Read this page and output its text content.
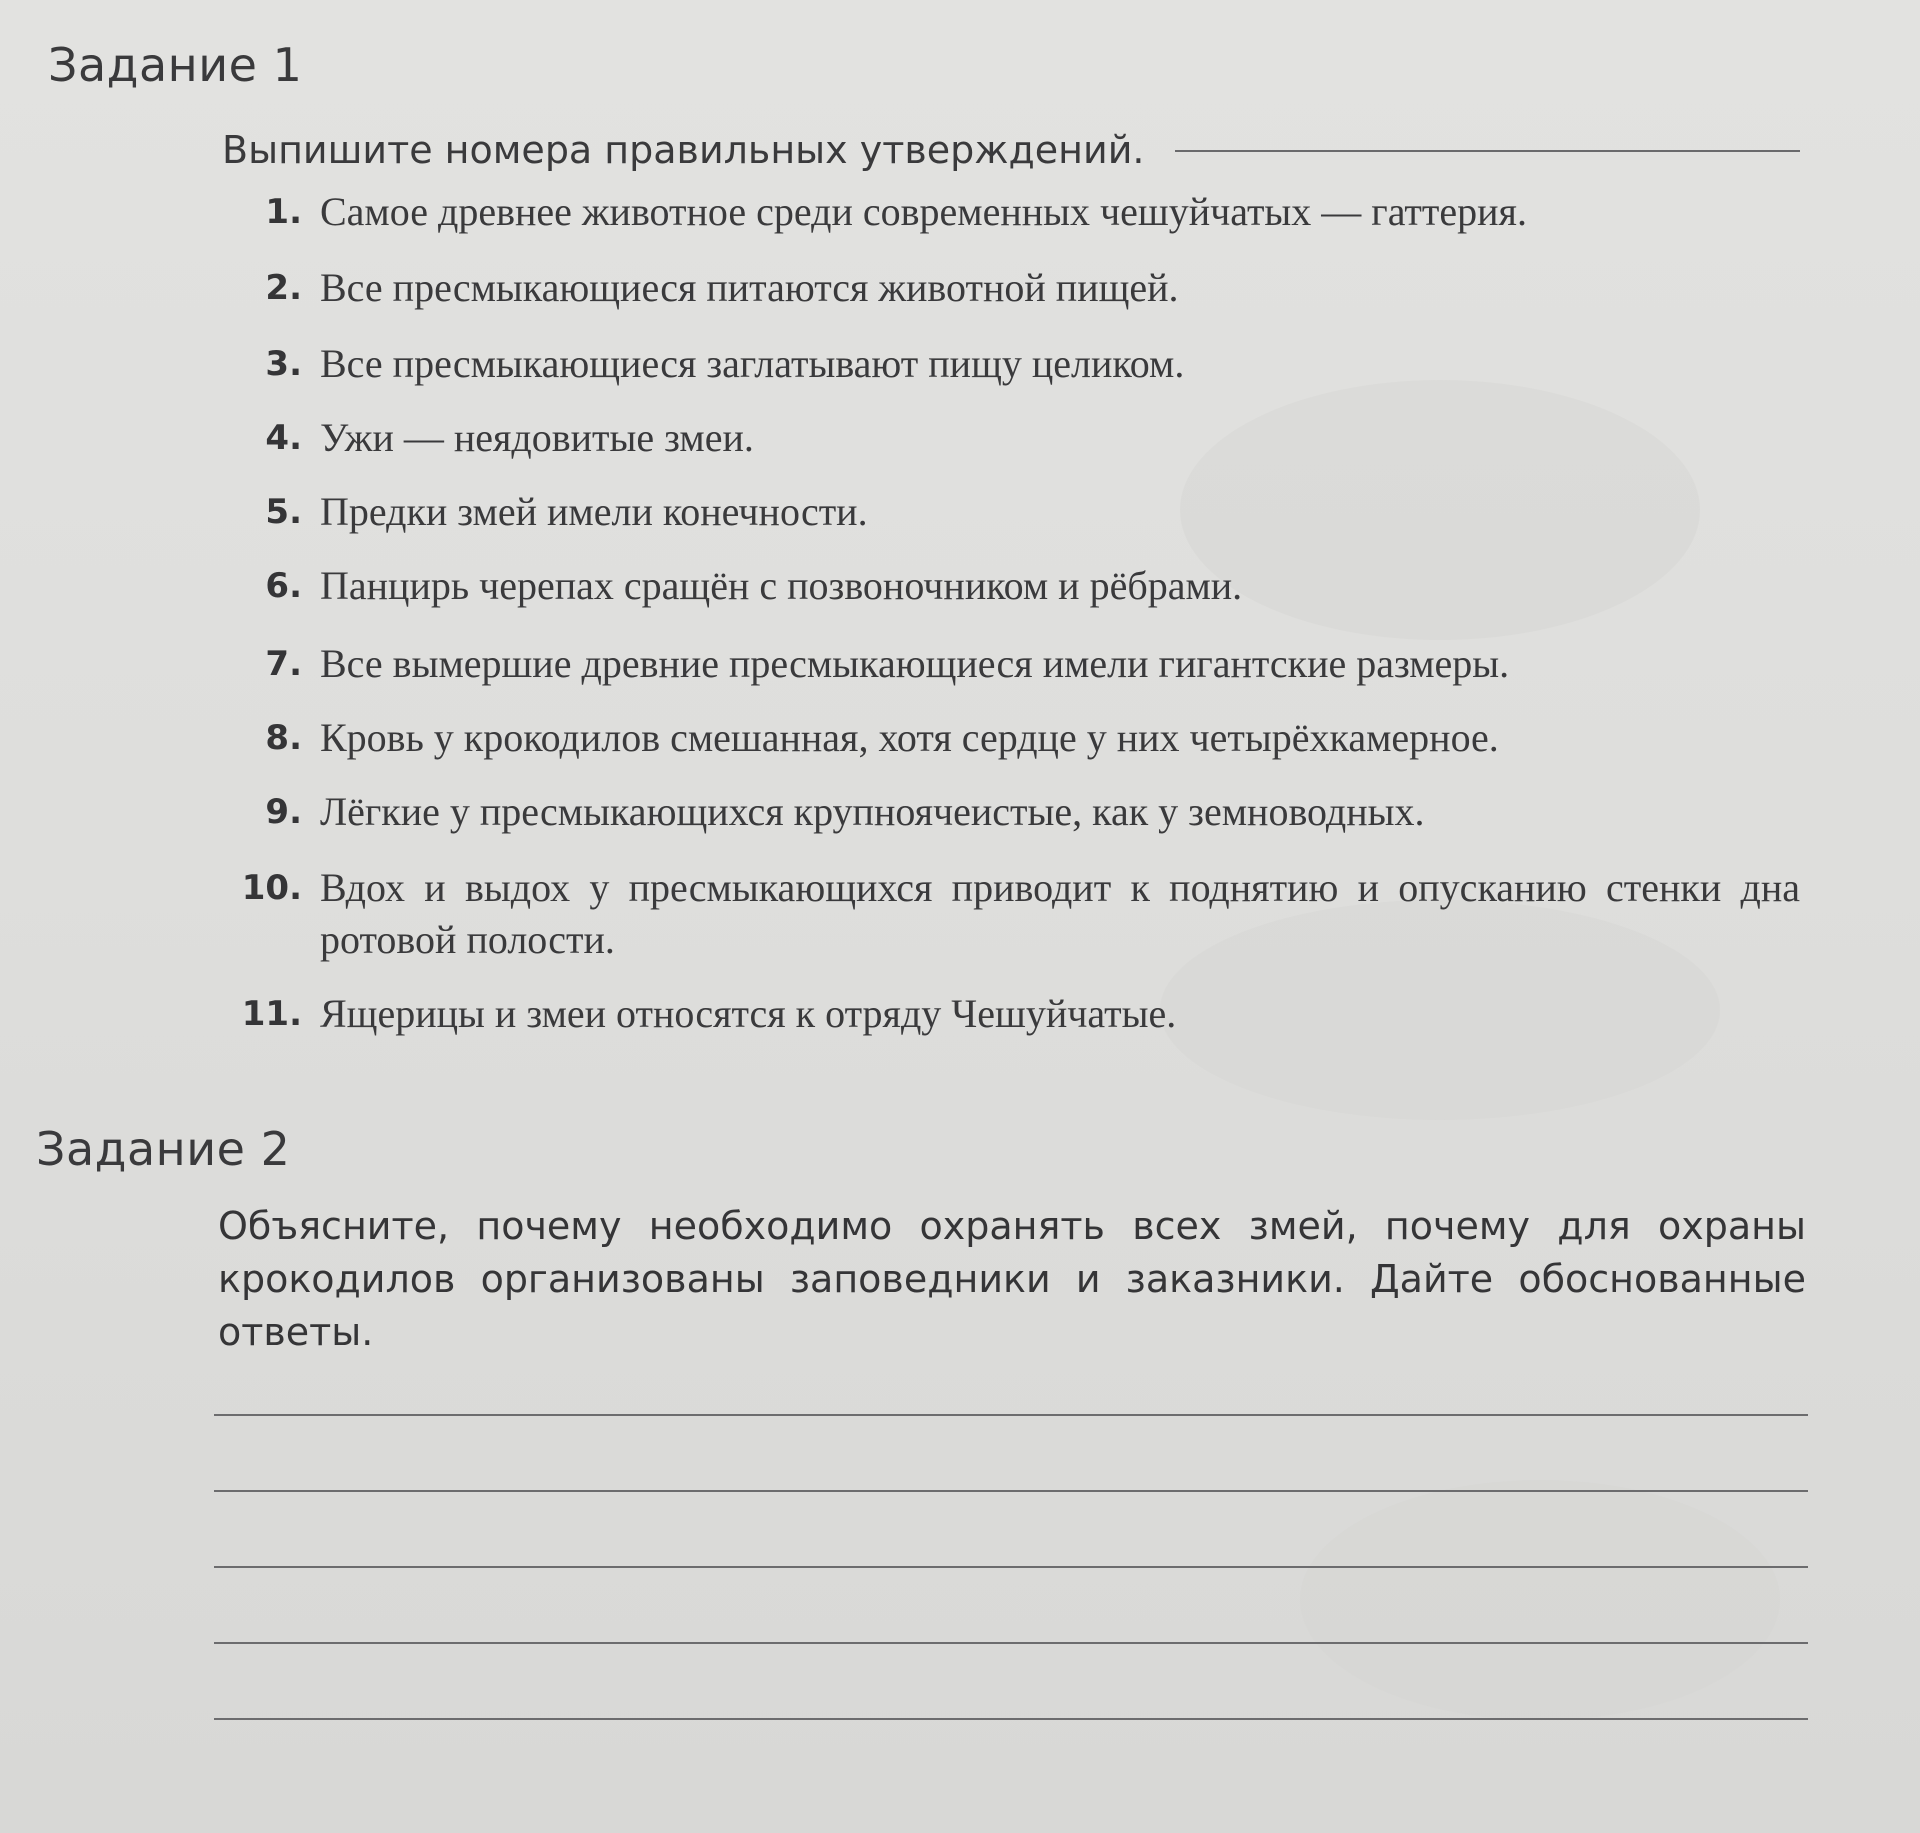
Задание 1
Выпишите номера правильных утверждений.
1. Самое древнее животное среди современных чешуйчатых — гаттерия.
2. Все пресмыкающиеся питаются животной пищей.
3. Все пресмыкающиеся заглатывают пищу целиком.
4. Ужи — неядовитые змеи.
5. Предки змей имели конечности.
6. Панцирь черепах сращён с позвоночником и рёбрами.
7. Все вымершие древние пресмыкающиеся имели гигантские размеры.
8. Кровь у крокодилов смешанная, хотя сердце у них четырёхкамерное.
9. Лёгкие у пресмыкающихся крупноячеистые, как у земноводных.
10. Вдох и выдох у пресмыкающихся приводит к поднятию и опусканию стенки дна ротовой полости.
11. Ящерицы и змеи относятся к отряду Чешуйчатые.
Задание 2
Объясните, почему необходимо охранять всех змей, почему для охраны крокодилов организованы заповедники и заказники. Дайте обоснованные ответы.
